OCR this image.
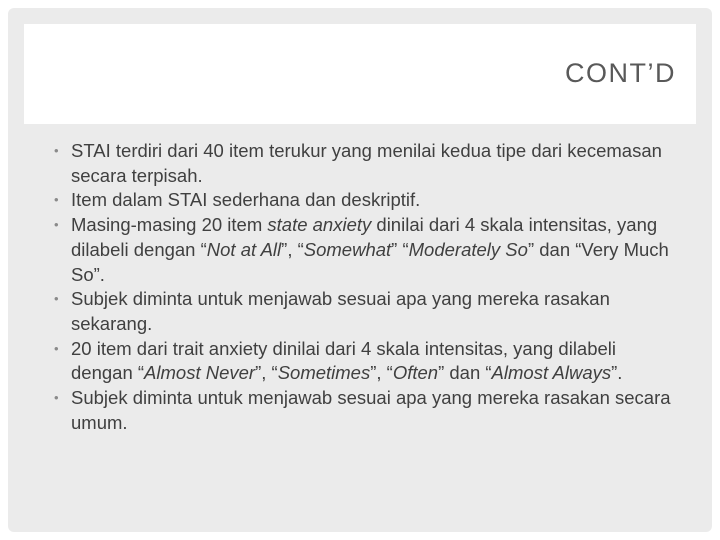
CONT’D
• STAI terdiri dari 40 item terukur yang menilai kedua tipe dari kecemasan secara terpisah.
• Item dalam STAI sederhana dan deskriptif.
• Masing-masing 20 item state anxiety dinilai dari 4 skala intensitas, yang dilabeli dengan “Not at All”, “Somewhat” “Moderately So” dan “Very Much So”.
• Subjek diminta untuk menjawab sesuai apa yang mereka rasakan sekarang.
• 20 item dari trait anxiety dinilai dari 4 skala intensitas, yang dilabeli dengan “Almost Never”, “Sometimes”, “Often” dan “Almost Always”.
• Subjek diminta untuk menjawab sesuai apa yang mereka rasakan secara umum.
